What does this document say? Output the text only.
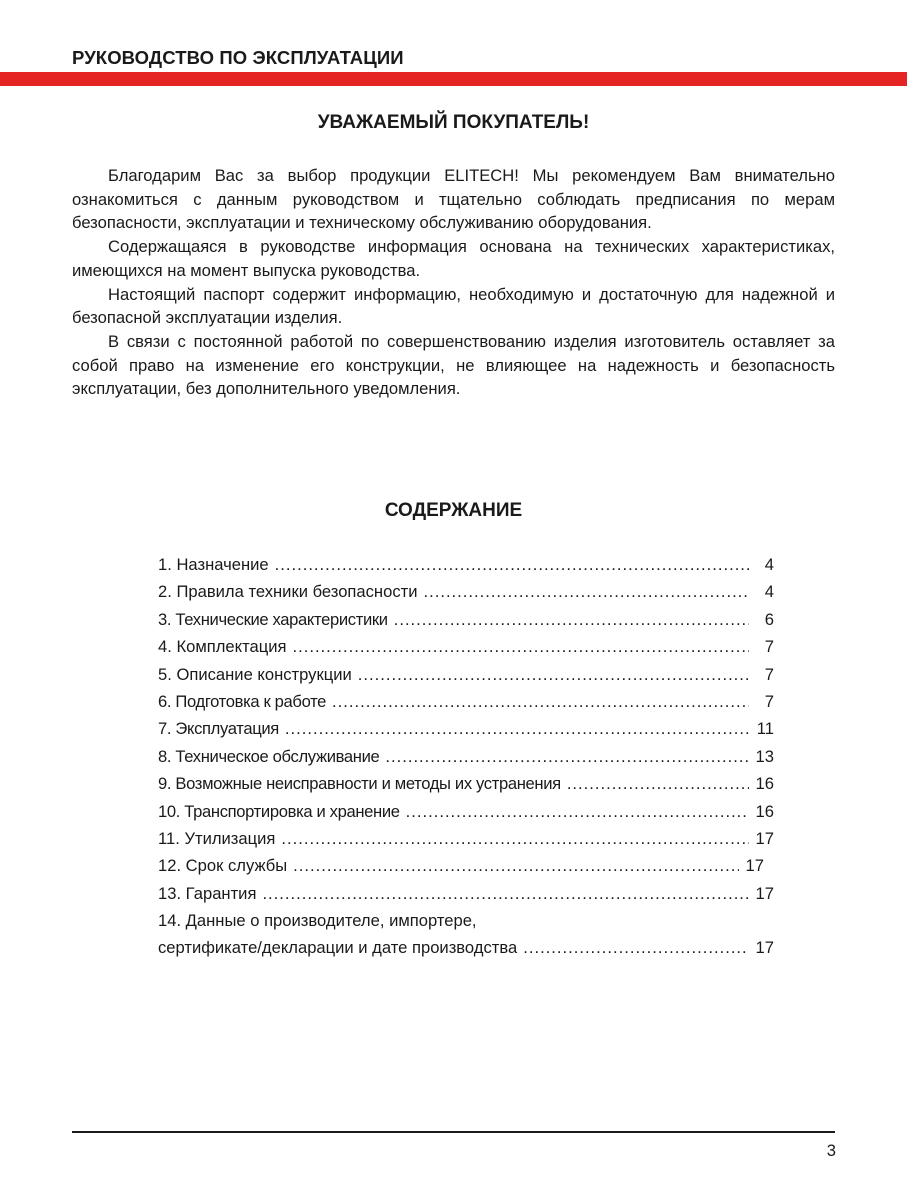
РУКОВОДСТВО ПО ЭКСПЛУАТАЦИИ
УВАЖАЕМЫЙ ПОКУПАТЕЛЬ!

Благодарим Вас за выбор продукции ELITECH! Мы рекомендуем Вам внимательно ознакомиться с данным руководством и тщательно соблюдать предписания по мерам безопасности, эксплуатации и техническому обслуживанию оборудования.

Содержащаяся в руководстве информация основана на технических характеристиках, имеющихся на момент выпуска руководства.

Настоящий паспорт содержит информацию, необходимую и достаточную для надежной и безопасной эксплуатации изделия.

В связи с постоянной работой по совершенствованию изделия изготовитель оставляет за собой право на изменение его конструкции, не влияющее на надежность и безопасность эксплуатации, без дополнительного уведомления.

СОДЕРЖАНИЕ
1. Назначение .....	4
2. Правила техники безопасности .....	4
3. Технические характеристики .....	6
4. Комплектация .....	7
5. Описание конструкции .....	7
6. Подготовка к работе .....	7
7. Эксплуатация .....	11
8. Техническое обслуживание .....	13
9. Возможные неисправности и методы их устранения .....	16
10. Транспортировка и хранение .....	16
11. Утилизация .....	17
12. Срок службы .....	17
13. Гарантия .....	17
14. Данные о производителе, импортере,
сертификате/декларации и дате производства .....	17
3
